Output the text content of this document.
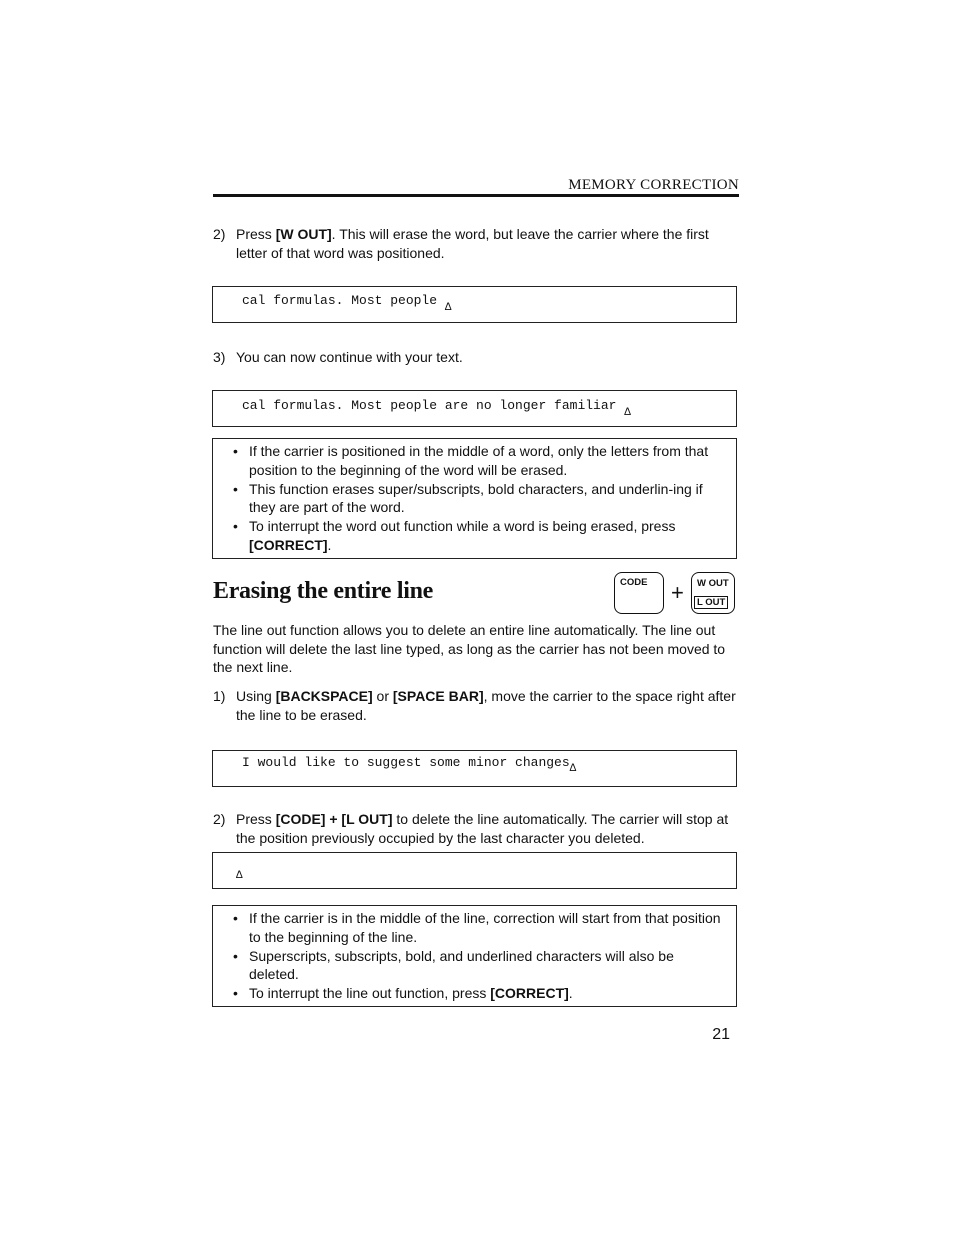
MEMORY CORRECTION
2) Press [W OUT]. This will erase the word, but leave the carrier where the first letter of that word was positioned.
cal formulas. Most people $_\Delta$
3) You can now continue with your text.
cal formulas. Most people are no longer familiar $_\Delta$
• If the carrier is positioned in the middle of a word, only the letters from that position to the beginning of the word will be erased.
• This function erases super/subscripts, bold characters, and underlin-ing if they are part of the word.
• To interrupt the word out function while a word is being erased, press [CORRECT].
Erasing the entire line	CODE + W OUT
L OUT
The line out function allows you to delete an entire line automatically. The line out function will delete the last line typed, as long as the carrier has not been moved to the next line.
1) Using [BACKSPACE] or [SPACE BAR], move the carrier to the space right after the line to be erased.
I would like to suggest some minor changes$_\Delta$
2) Press [CODE] + [L OUT] to delete the line automatically. The carrier will stop at the position previously occupied by the last character you deleted.
Δ
• If the carrier is in the middle of the line, correction will start from that position to the beginning of the line.
• Superscripts, subscripts, bold, and underlined characters will also be deleted.
• To interrupt the line out function, press [CORRECT].
21
